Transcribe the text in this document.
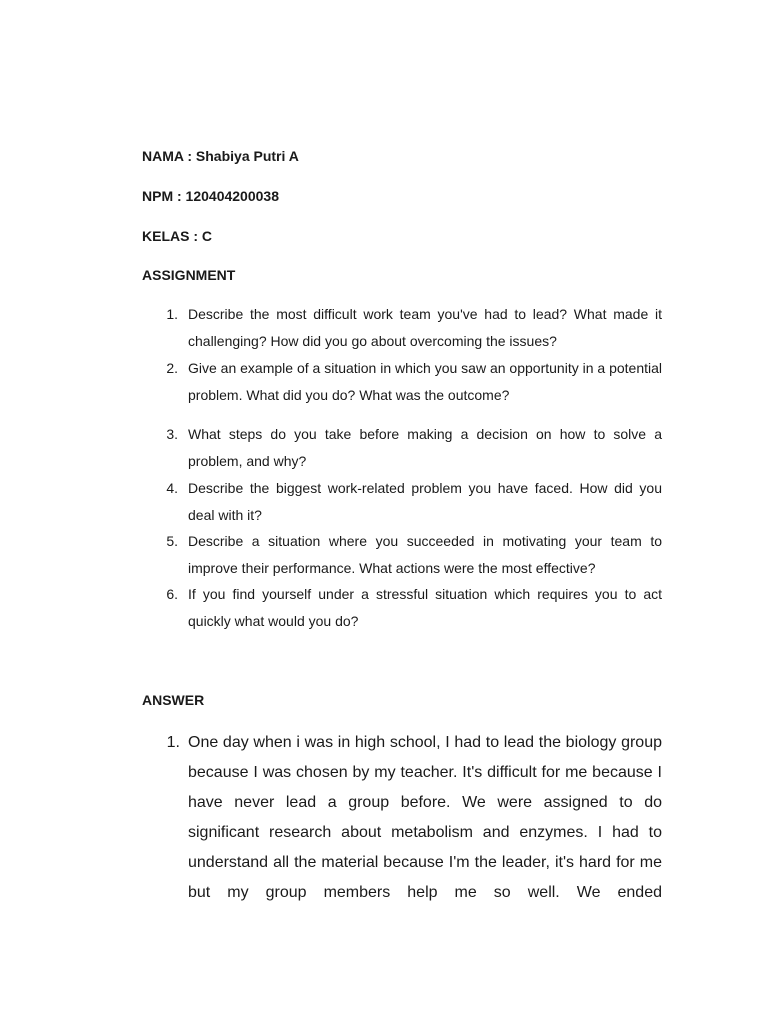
NAMA : Shabiya Putri A
NPM : 120404200038
KELAS : C
ASSIGNMENT
1. Describe the most difficult work team you've had to lead? What made it challenging? How did you go about overcoming the issues?
2. Give an example of a situation in which you saw an opportunity in a potential problem. What did you do? What was the outcome?
3. What steps do you take before making a decision on how to solve a problem, and why?
4. Describe the biggest work-related problem you have faced. How did you deal with it?
5. Describe a situation where you succeeded in motivating your team to improve their performance. What actions were the most effective?
6. If you find yourself under a stressful situation which requires you to act quickly what would you do?
ANSWER
1. One day when i was in high school, I had to lead the biology group because I was chosen by my teacher. It's difficult for me because I have never lead a group before. We were assigned to do significant research about metabolism and enzymes. I had to understand all the material because I'm the leader, it's hard for me but my group members help me so well. We ended
